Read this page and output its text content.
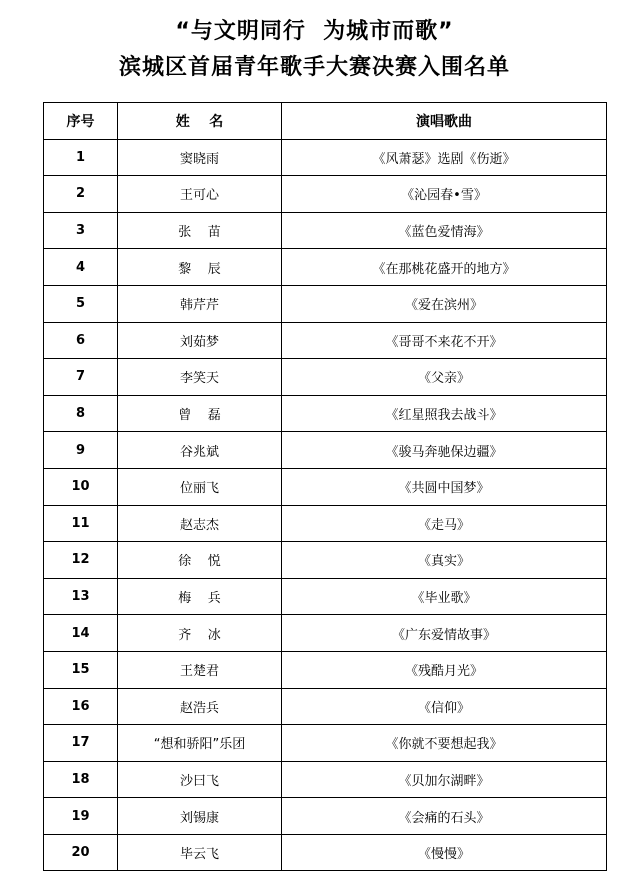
“与文明同行  为城市而歌”
滨城区首届青年歌手大赛决赛入围名单
序号	姓    名	演唱歌曲
1	窦晓雨	《风萧瑟》选剧《伤逝》
2	王可心	《沁园春•雪》
3	张    苗	《蓝色爱情海》
4	黎    辰	《在那桃花盛开的地方》
5	韩芹芹	《爱在滨州》
6	刘茹梦	《哥哥不来花不开》
7	李笑天	《父亲》
8	曾    磊	《红星照我去战斗》
9	谷兆斌	《骏马奔驰保边疆》
10	位丽飞	《共圆中国梦》
11	赵志杰	《走马》
12	徐    悦	《真实》
13	梅    兵	《毕业歌》
14	齐    冰	《广东爱情故事》
15	王楚君	《残酷月光》
16	赵浩兵	《信仰》
17	“想和骄阳”乐团	《你就不要想起我》
18	沙曰飞	《贝加尔湖畔》
19	刘锡康	《会痛的石头》
20	毕云飞	《慢慢》
